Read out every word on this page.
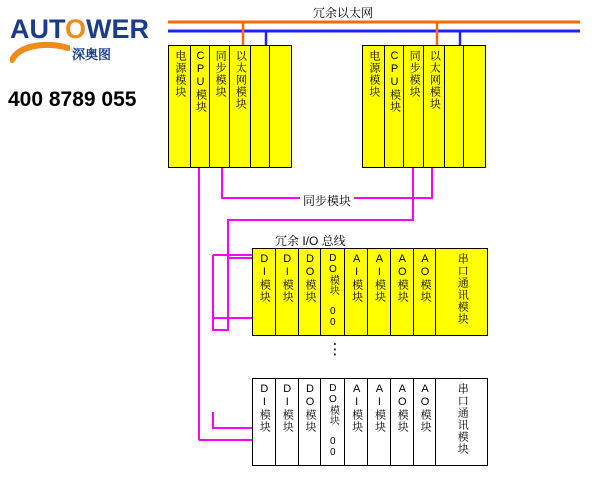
AUTOWER
深奥图
400 8789 055
冗余以太网
同步模块
冗余 I/O 总线
⋮
电源模块 CPU模块 同步模块 以太网模块	电源模块 CPU模块 同步模块 以太网模块
DI模块 DI模块 DO模块 DO模块 00 AI模块 AI模块 AO模块 AO模块 串口通讯模块
DI模块 DI模块 DO模块 DO模块 00 AI模块 AI模块 AO模块 AO模块 串口通讯模块
